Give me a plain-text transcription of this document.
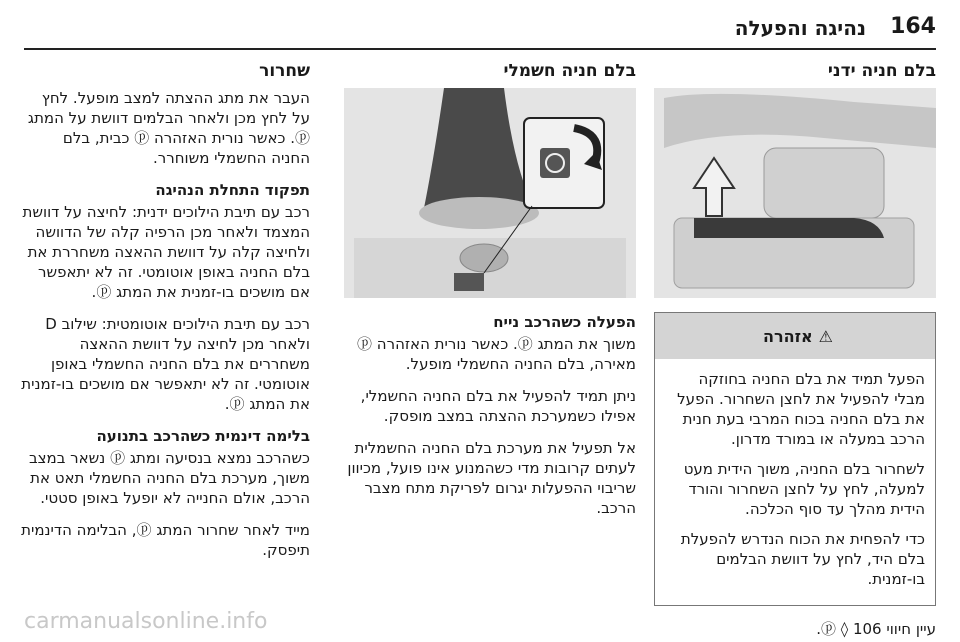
164
נהיגה והפעלה
בלם חניה ידני
⚠
אזהרה

הפעל תמיד את בלם החניה בחוזקה מבלי להפעיל את לחצן השחרור. הפעל את בלם החניה בכוח המרבי בעת חנית הרכב במעלה או במורד מדרון.

לשחרור בלם החניה, משוך הידית מעט למעלה, לחץ על לחצן השחרור והורד הידית מהלך עד סוף הכלכה.

כדי להפחית את הכוח הנדרש להפעלת בלם היד, לחץ על דוושת הבלמים בו-זמנית.

עיין חיווי ⓟ ◊ 106.
בלם חניה חשמלי
הפעלה כשהרכב נייח

משוך את המתג ⓟ. כאשר נורית האזהרה ⓟ מאירה, בלם החניה החשמלי מופעל.

ניתן תמיד להפעיל את בלם החניה החשמלי, אפילו כשמערכת ההצתה במצב מופסק.

אל תפעיל את מערכת בלם החניה החשמלית לעתים קרובות מדי כשהמנוע אינו פועל, מכיוון שריבוי ההפעלות יגרום לפריקת מתח מצבר הרכב.

שחרור

העבר את מתג ההצתה למצב מופעל. לחץ על לחץ מכן ולאחר הבלמים דוושת על המתג ⓟ. כאשר נורית האזהרה ⓟ כבית, בלם החניה החשמלי משוחרר.

תפקוד התחלת הנהיגה

רכב עם תיבת הילוכים ידנית: לחיצה על דוושת המצמד ולאחר מכן הרפיה קלה של הדוושה ולחיצה קלה על דוושת ההאצה משחררת את בלם החניה באופן אוטומטי. זה לא יתאפשר אם מושכים בו-זמנית את המתג ⓟ.

רכב עם תיבת הילוכים אוטומטית: שילוב D ולאחר מכן לחיצה על דוושת ההאצה משחררים את בלם החניה החשמלי באופן אוטומטי. זה לא יתאפשר אם מושכים בו-זמנית את המתג ⓟ.

בלימה דינמית כשהרכב בתנועה

כשהרכב נמצא בנסיעה ומתג ⓟ נשאר במצב משוך, מערכת בלם החניה החשמלי תאט את הרכב, אולם החנייה לא יופעל באופן סטטי.

מייד לאחר שחרור המתג ⓟ, הבלימה הדינמית תיפסק.

carmanualsonline.info
